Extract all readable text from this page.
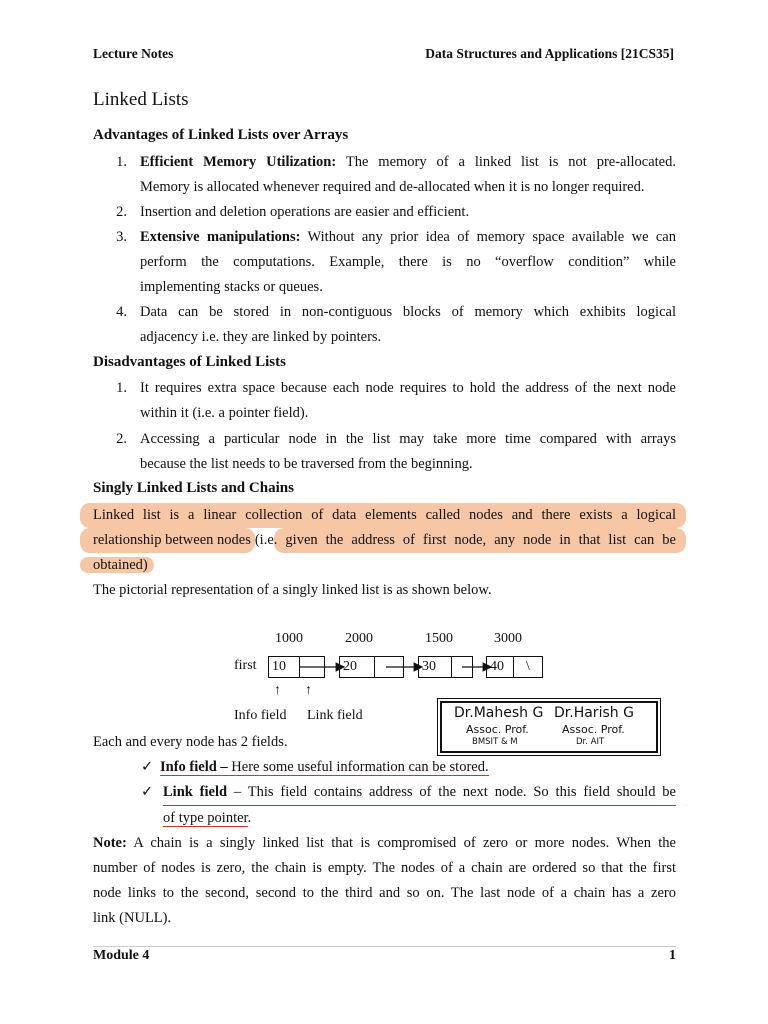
Lecture Notes	Data Structures and Applications [21CS35]
Linked Lists
Advantages of Linked Lists over Arrays
1. Efficient Memory Utilization: The memory of a linked list is not pre-allocated.
Memory is allocated whenever required and de-allocated when it is no longer required.
2. Insertion and deletion operations are easier and efficient.
3. Extensive manipulations: Without any prior idea of memory space available we can
perform the computations. Example, there is no “overflow condition” while
implementing stacks or queues.
4. Data can be stored in non-contiguous blocks of memory which exhibits logical
adjacency i.e. they are linked by pointers.
Disadvantages of Linked Lists
1. It requires extra space because each node requires to hold the address of the next node
within it (i.e. a pointer field).
2. Accessing a particular node in the list may take more time compared with arrays
because the list needs to be traversed from the beginning.
Singly Linked Lists and Chains
Linked list is a linear collection of data elements called nodes and there exists a logical
relationship between nodes (i.e . given the address of first node, any node in that list can be
obtained)
The pictorial representation of a singly linked list is as shown below.
1000	2000	1500	3000
first 10	20	30	40	\
↑ ↑
Info field Link field	Dr.Mahesh G Dr.Harish G
Assoc. Prof.	Assoc. Prof.
BMSIT & M	Dr. AIT
Each and every node has 2 fields.
✓ Info field – Here some useful information can be stored.
✓ Link field – This field contains address of the next node. So this field should be
of type pointer.
Note: A chain is a singly linked list that is compromised of zero or more nodes. When the
number of nodes is zero, the chain is empty. The nodes of a chain are ordered so that the first
node links to the second, second to the third and so on. The last node of a chain has a zero
link (NULL).
Module 4	1
